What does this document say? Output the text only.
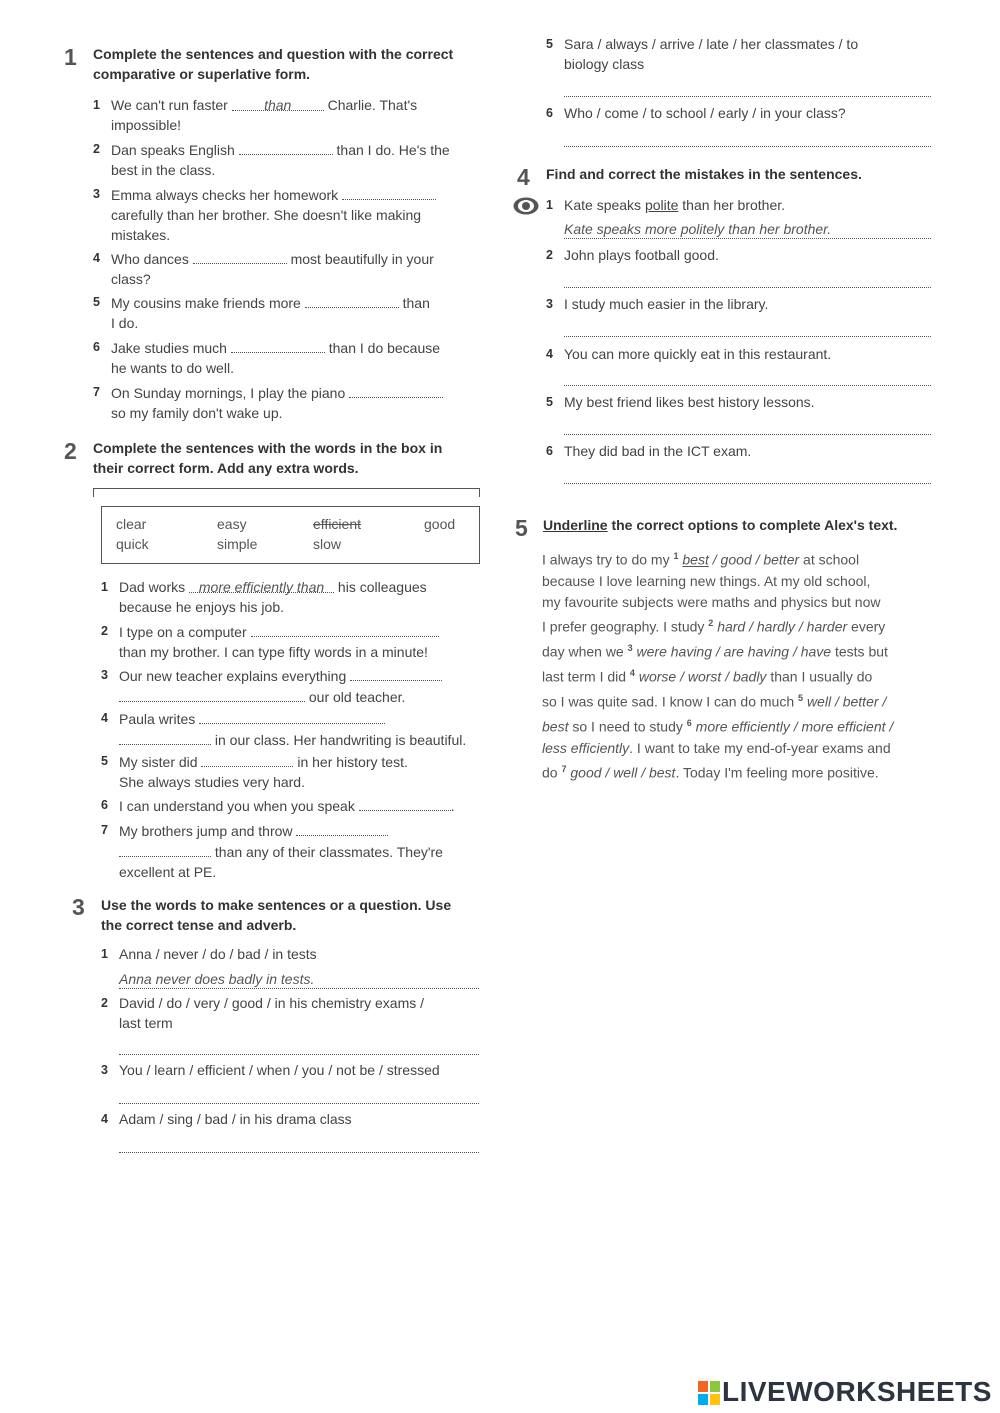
1 Complete the sentences and question with the correct
comparative or superlative form.
1 We can't run faster	than	Charlie. That's
impossible!
2 Dan speaks English	than I do. He's the
best in the class.
3 Emma always checks her homework
carefully than her brother. She doesn't like making
mistakes.
4 Who dances	most beautifully in your
class?
5 My cousins make friends more	than
I do.
6 Jake studies much	than I do because
he wants to do well.
7 On Sunday mornings, I play the piano
so my family don't wake up.
2 Complete the sentences with the words in the box in
their correct form. Add any extra words.
clear	easy	efficient	good
quick	simple	slow
1 Dad works more efficiently than his colleagues
because he enjoys his job.
2 I type on a computer
than my brother. I can type fifty words in a minute!
3 Our new teacher explains everything
our old teacher.
4 Paula writes
in our class. Her handwriting is beautiful.
5 My sister did	in her history test.
She always studies very hard.
6 I can understand you when you speak	.
7 My brothers jump and throw
than any of their classmates. They're
excellent at PE.
3 Use the words to make sentences or a question. Use
the correct tense and adverb.
1 Anna / never / do / bad / in tests
Anna never does badly in tests.
2 David / do / very / good / in his chemistry exams /
last term
3 You / learn / efficient / when / you / not be / stressed
4 Adam / sing / bad / in his drama class
5 Sara / always / arrive / late / her classmates / to
biology class
6 Who / come / to school / early / in your class?
4 Find and correct the mistakes in the sentences.
1 Kate speaks polite than her brother.
Kate speaks more politely than her brother.
2 John plays football good.
3 I study much easier in the library.
4 You can more quickly eat in this restaurant.
5 My best friend likes best history lessons.
6 They did bad in the ICT exam.
5 Underline the correct options to complete Alex's text.
I always try to do my $^1$ best / good / better at school
because I love learning new things. At my old school,
my favourite subjects were maths and physics but now
I prefer geography. I study $^2$ hard / hardly / harder every
day when we $^3$ were having / are having / have tests but
last term I did $^4$ worse / worst / badly than I usually do
so I was quite sad. I know I can do much $^5$ well / better /
best so I need to study $^6$ more efficiently / more efficient /
less efficiently. I want to take my end-of-year exams and
do $^7$ good / well / best. Today I'm feeling more positive.
LIVEWORKSHEETS
